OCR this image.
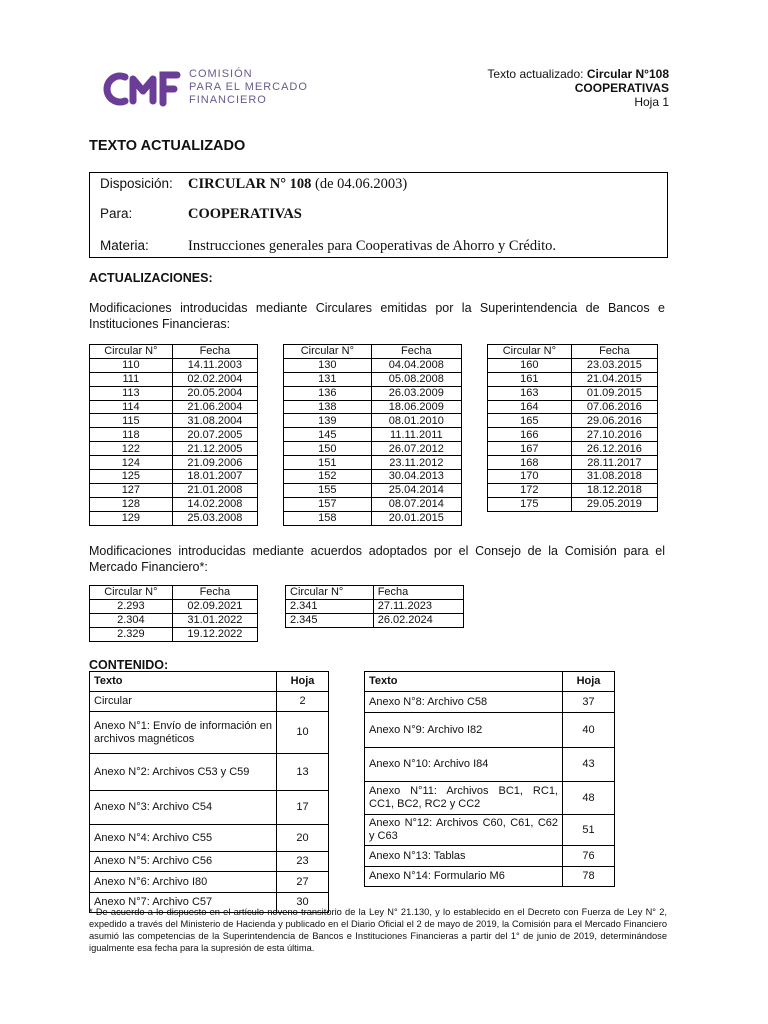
COMISIÓN
PARA EL MERCADO
FINANCIERO
Texto actualizado: Circular N°108
COOPERATIVAS
Hoja 1
TEXTO ACTUALIZADO
Disposición: CIRCULAR N° 108 (de 04.06.2003)
Para:	COOPERATIVAS
Materia:	Instrucciones generales para Cooperativas de Ahorro y Crédito.
ACTUALIZACIONES:
Modificaciones introducidas mediante Circulares emitidas por la Superintendencia de Bancos e Instituciones Financieras:
Circular N°	Fecha
110	14.11.2003
111	02.02.2004
113	20.05.2004
114	21.06.2004
115	31.08.2004
118	20.07.2005
122	21.12.2005
124	21.09.2006
125	18.01.2007
127	21.01.2008
128	14.02.2008
129	25.03.2008
Circular N°	Fecha
130	04.04.2008
131	05.08.2008
136	26.03.2009
138	18.06.2009
139	08.01.2010
145	11.11.2011
150	26.07.2012
151	23.11.2012
152	30.04.2013
155	25.04.2014
157	08.07.2014
158	20.01.2015
Circular N°	Fecha
160	23.03.2015
161	21.04.2015
163	01.09.2015
164	07.06.2016
165	29.06.2016
166	27.10.2016
167	26.12.2016
168	28.11.2017
170	31.08.2018
172	18.12.2018
175	29.05.2019
Modificaciones introducidas mediante acuerdos adoptados por el Consejo de la Comisión para el Mercado Financiero*:
Circular N°	Fecha
2.293	02.09.2021
2.304	31.01.2022
2.329	19.12.2022
Circular N°	Fecha
2.341	27.11.2023
2.345	26.02.2024
CONTENIDO:
Texto	Hoja
Circular	2
Anexo N°1: Envío de información en archivos magnéticos	10
Anexo N°2: Archivos C53 y C59	13
Anexo N°3: Archivo C54	17
Anexo N°4: Archivo C55	20
Anexo N°5: Archivo C56	23
Anexo N°6: Archivo I80	27
Anexo N°7: Archivo C57	30
Texto	Hoja
Anexo N°8: Archivo C58	37
Anexo N°9: Archivo I82	40
Anexo N°10: Archivo I84	43
Anexo N°11: Archivos BC1, RC1, CC1, BC2, RC2 y CC2	48
Anexo N°12: Archivos C60, C61, C62 y C63	51
Anexo N°13: Tablas	76
Anexo N°14: Formulario M6	78
* De acuerdo a lo dispuesto en el artículo noveno transitorio de la Ley N° 21.130, y lo establecido en el Decreto con Fuerza de Ley N° 2, expedido a través del Ministerio de Hacienda y publicado en el Diario Oficial el 2 de mayo de 2019, la Comisión para el Mercado Financiero asumió las competencias de la Superintendencia de Bancos e Instituciones Financieras a partir del 1° de junio de 2019, determinándose igualmente esa fecha para la supresión de esta última.
